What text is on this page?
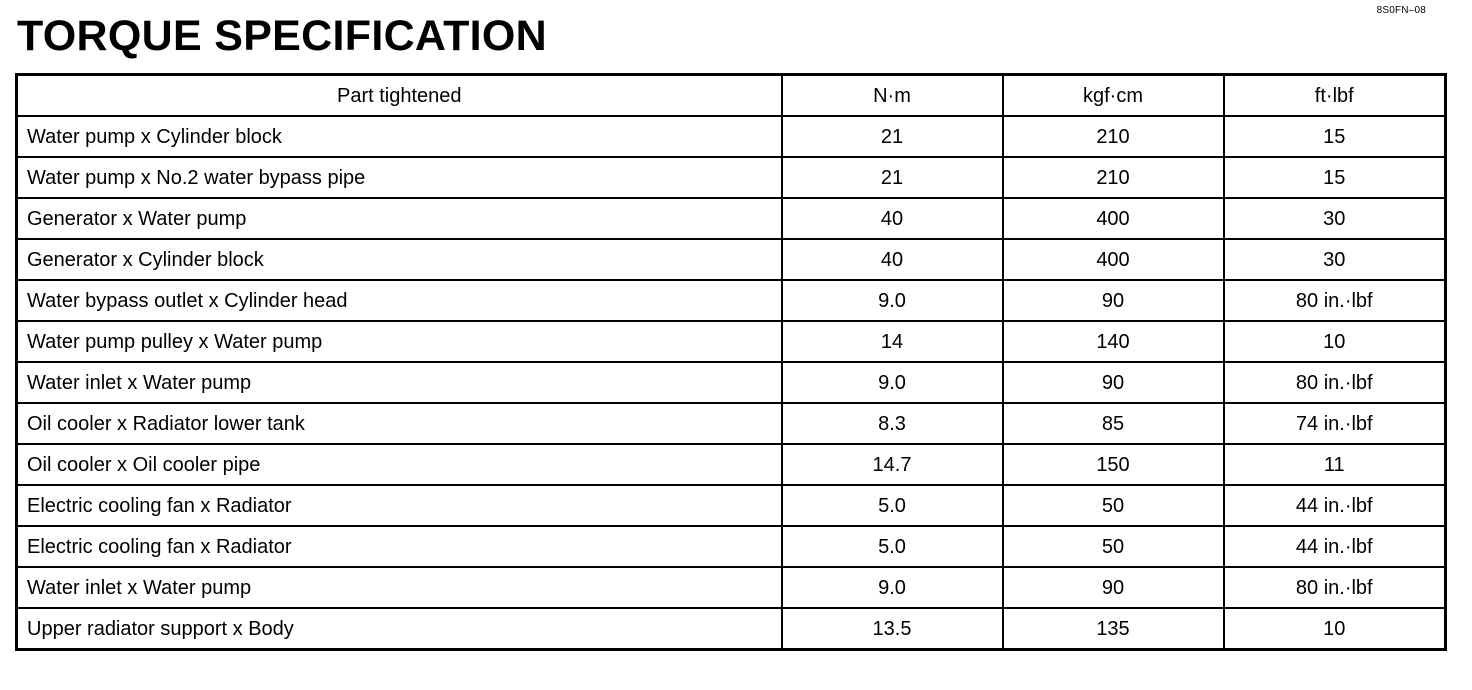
8S0FN–08
TORQUE SPECIFICATION
Part tightened	N·m	kgf·cm	ft·lbf
Water pump x Cylinder block	21	210	15
Water pump x No.2 water bypass pipe	21	210	15
Generator x Water pump	40	400	30
Generator x Cylinder block	40	400	30
Water bypass outlet x Cylinder head	9.0	90	80 in.·lbf
Water pump pulley x Water pump	14	140	10
Water inlet x Water pump	9.0	90	80 in.·lbf
Oil cooler x Radiator lower tank	8.3	85	74 in.·lbf
Oil cooler x Oil cooler pipe	14.7	150	11
Electric cooling fan x Radiator	5.0	50	44 in.·lbf
Electric cooling fan x Radiator	5.0	50	44 in.·lbf
Water inlet x Water pump	9.0	90	80 in.·lbf
Upper radiator support x Body	13.5	135	10
